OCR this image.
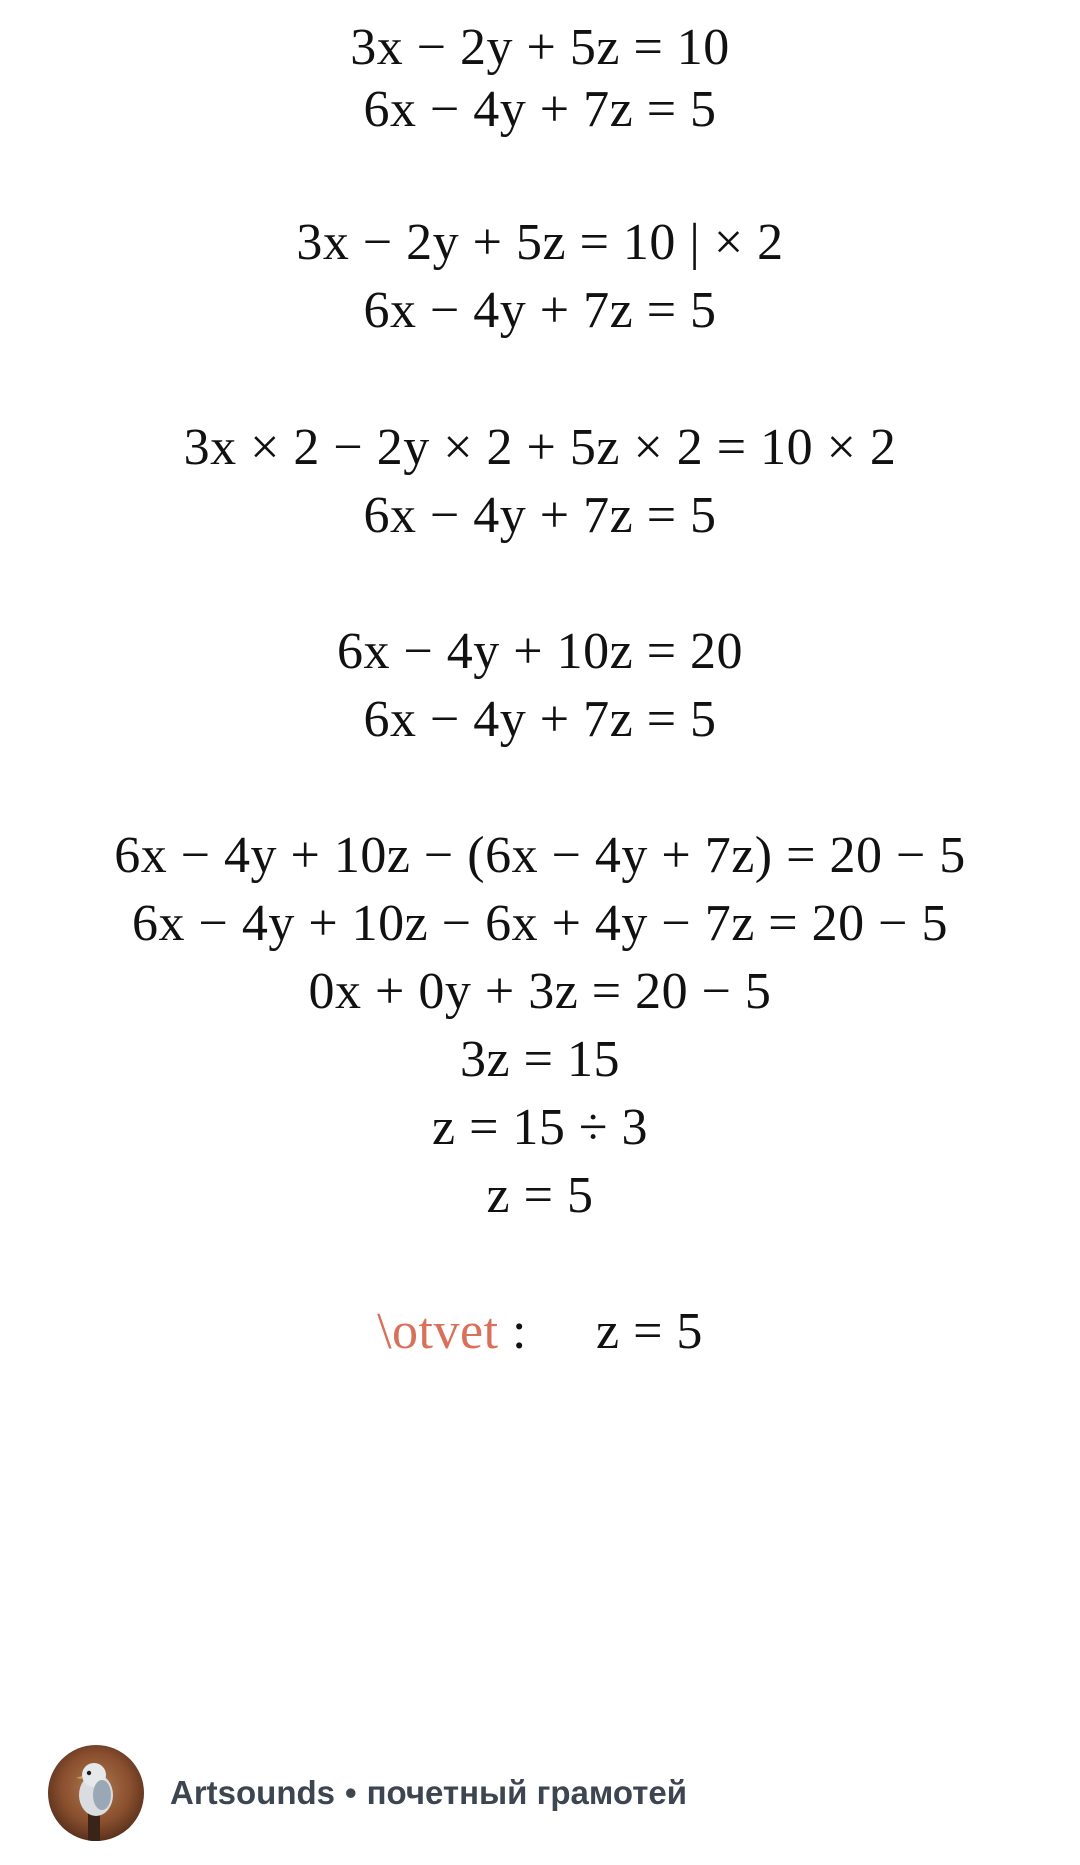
3x − 2y + 5z = 10
6x − 4y + 7z = 5
3x − 2y + 5z = 10 | × 2
6x − 4y + 7z = 5
3x × 2 − 2y × 2 + 5z × 2 = 10 × 2
6x − 4y + 7z = 5
6x − 4y + 10z = 20
6x − 4y + 7z = 5
6x − 4y + 10z − (6x − 4y + 7z) = 20 − 5
6x − 4y + 10z − 6x + 4y − 7z = 20 − 5
0x + 0y + 3z = 20 − 5
3z = 15
z = 15 ÷ 3
z = 5
\otvet : z = 5
Artsounds • почетный грамотей
